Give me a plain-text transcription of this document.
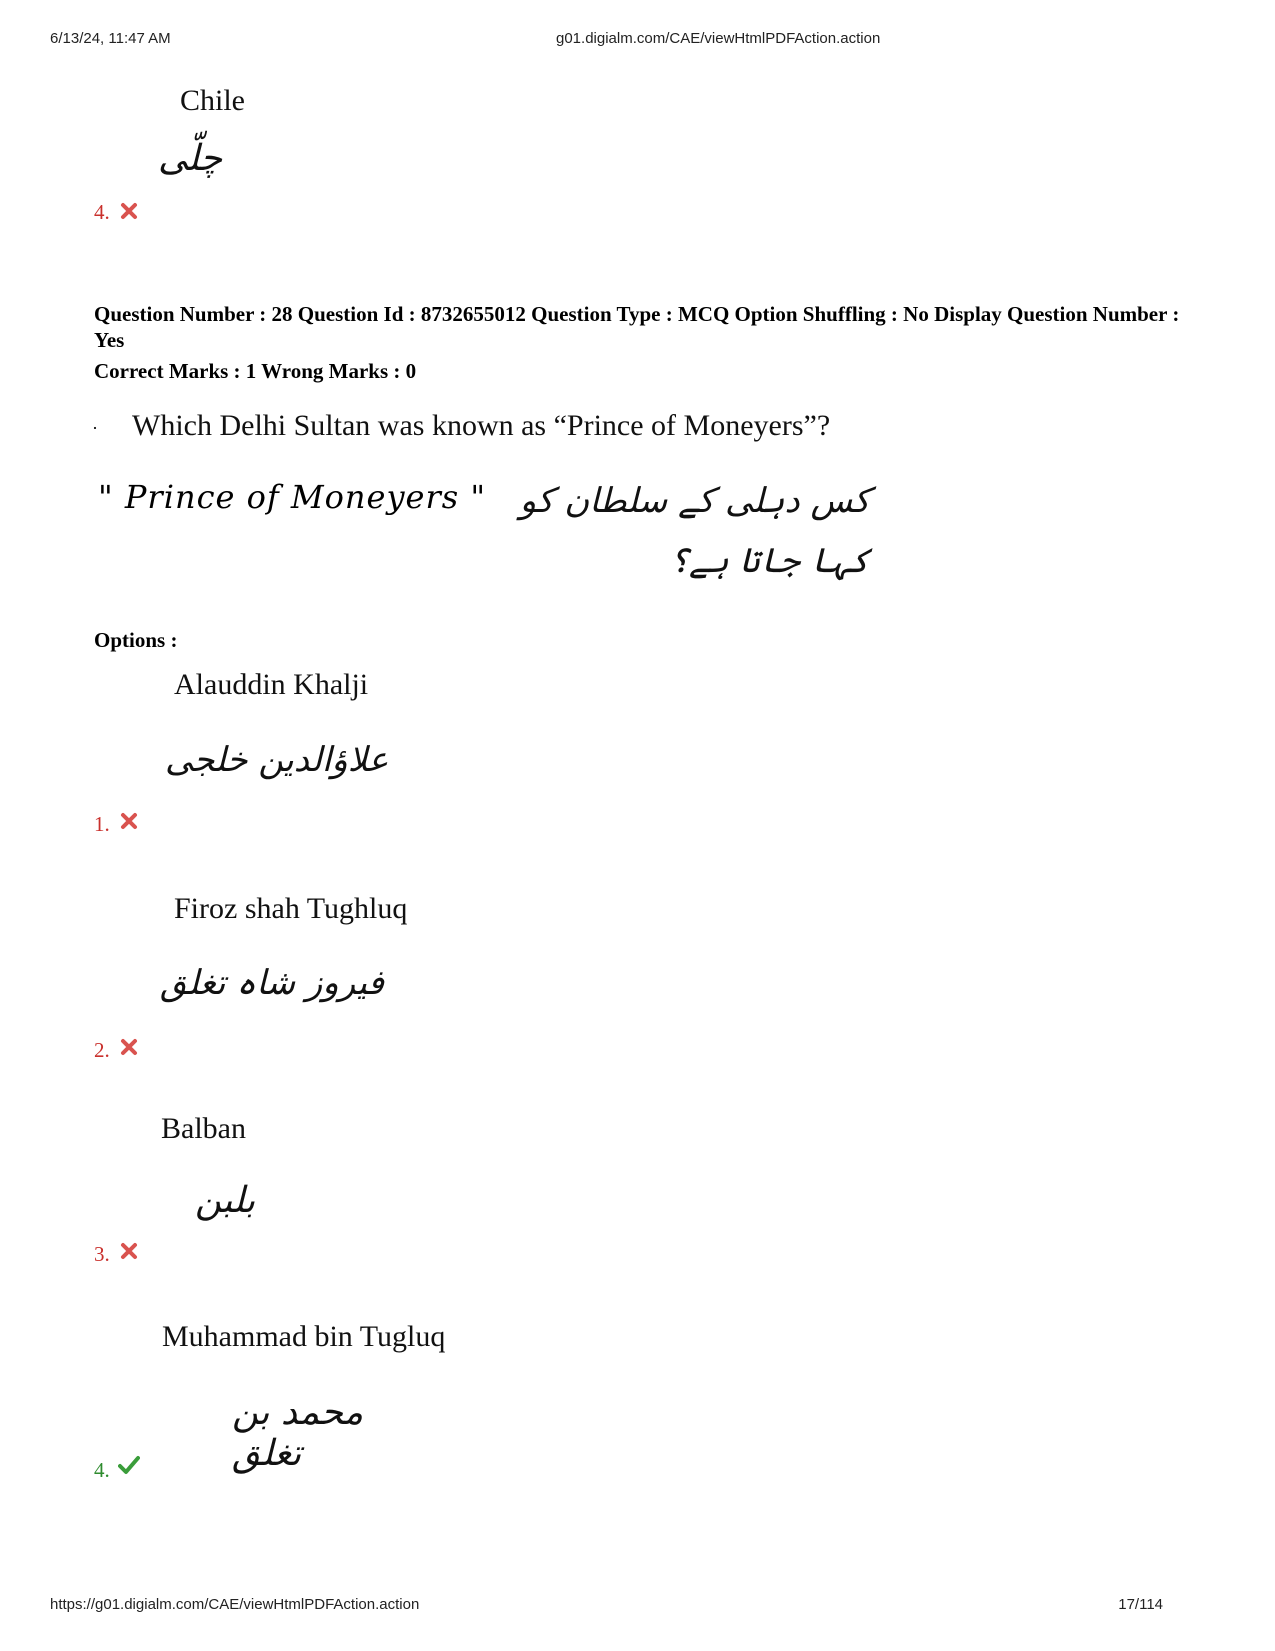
6/13/24, 11:47 AM	g01.digialm.com/CAE/viewHtmlPDFAction.action
Chile
چلّی
4.
Question Number : 28 Question Id : 8732655012 Question Type : MCQ Option Shuffling : No Display Question Number : Yes
Correct Marks : 1 Wrong Marks : 0
· Which Delhi Sultan was known as “Prince of Moneyers”?
" Prince of Moneyers " کس دہلی کے سلطان کو
کہا جاتا ہے؟
Options :
Alauddin Khalji
علاؤالدین خلجی
1.
Firoz shah Tughluq
فیروز شاہ تغلق
2.
Balban
بلبن
3.
Muhammad bin Tugluq
محمد بن تغلق
4.
https://g01.digialm.com/CAE/viewHtmlPDFAction.action	17/114
